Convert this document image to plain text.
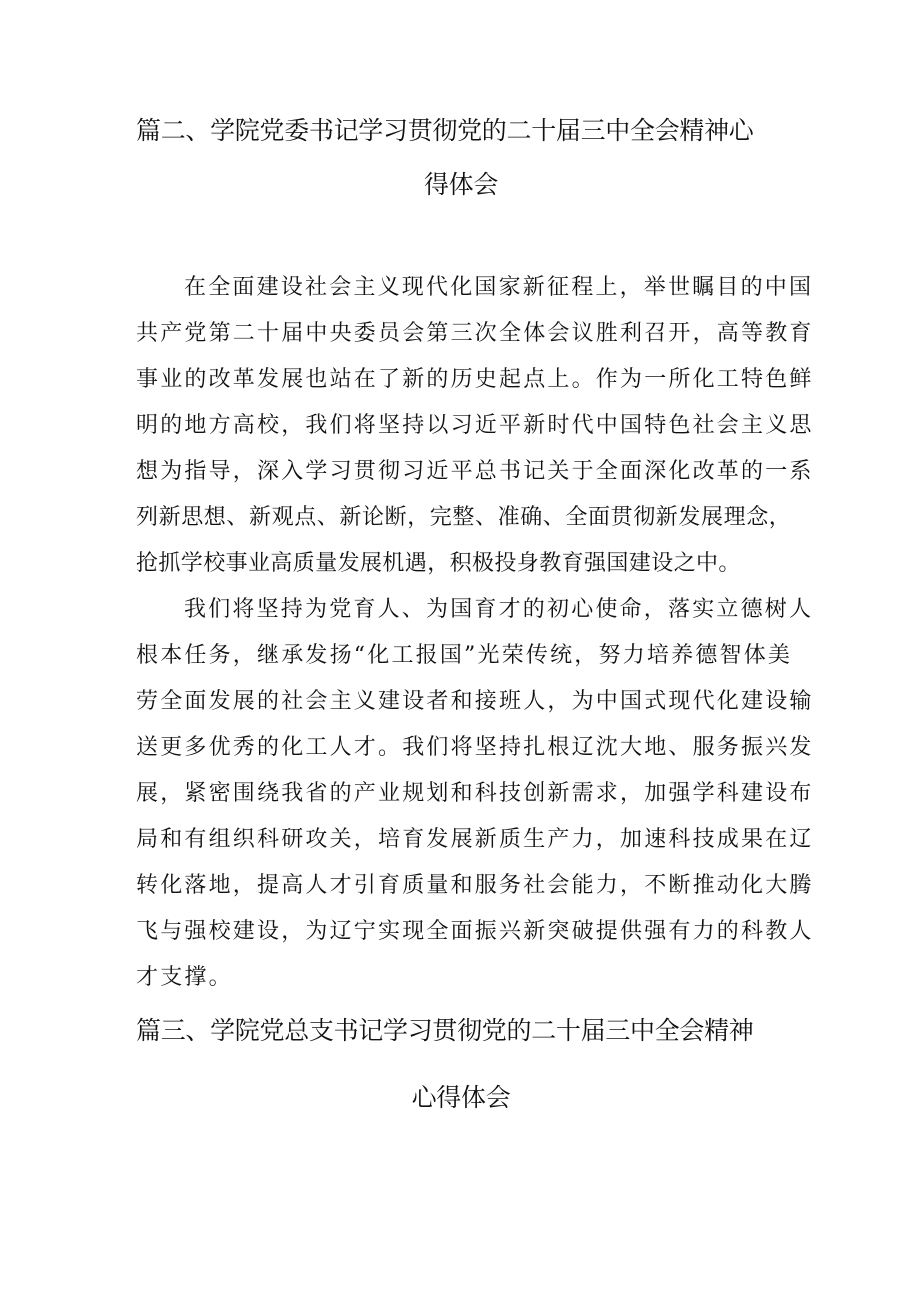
篇二、学院党委书记学习贯彻党的二十届三中全会精神心
得体会
在全面建设社会主义现代化国家新征程上，举世瞩目的中国
共产党第二十届中央委员会第三次全体会议胜利召开，高等教育
事业的改革发展也站在了新的历史起点上。作为一所化工特色鲜
明的地方高校，我们将坚持以习近平新时代中国特色社会主义思
想为指导，深入学习贯彻习近平总书记关于全面深化改革的一系
列新思想、新观点、新论断，完整、准确、全面贯彻新发展理念，
抢抓学校事业高质量发展机遇，积极投身教育强国建设之中。
我们将坚持为党育人、为国育才的初心使命，落实立德树人
根本任务，继承发扬“化工报国”光荣传统，努力培养德智体美
劳全面发展的社会主义建设者和接班人，为中国式现代化建设输
送更多优秀的化工人才。我们将坚持扎根辽沈大地、服务振兴发
展，紧密围绕我省的产业规划和科技创新需求，加强学科建设布
局和有组织科研攻关，培育发展新质生产力，加速科技成果在辽
转化落地，提高人才引育质量和服务社会能力，不断推动化大腾
飞与强校建设，为辽宁实现全面振兴新突破提供强有力的科教人
才支撑。
篇三、学院党总支书记学习贯彻党的二十届三中全会精神
心得体会
